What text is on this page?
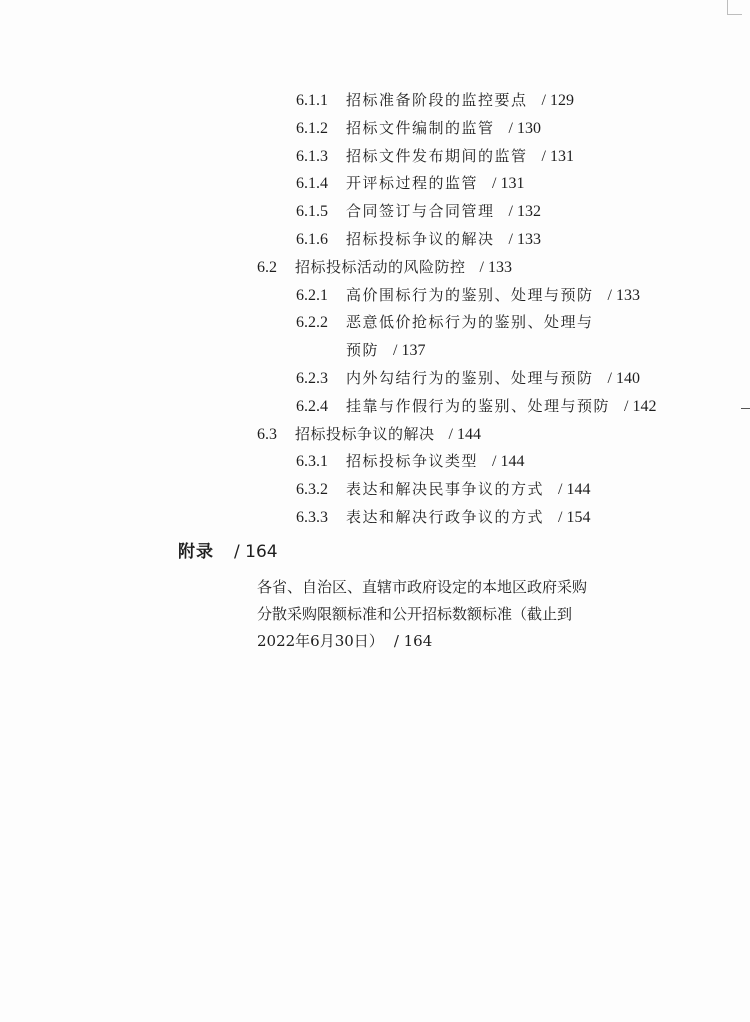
6.1.1 招标准备阶段的监控要点 / 129
6.1.2 招标文件编制的监管 / 130
6.1.3 招标文件发布期间的监管 / 131
6.1.4 开评标过程的监管 / 131
6.1.5 合同签订与合同管理 / 132
6.1.6 招标投标争议的解决 / 133
6.2 招标投标活动的风险防控 / 133
6.2.1 高价围标行为的鉴别、处理与预防 / 133
6.2.2 恶意低价抢标行为的鉴别、处理与
预防 / 137
6.2.3 内外勾结行为的鉴别、处理与预防 / 140
6.2.4 挂靠与作假行为的鉴别、处理与预防 / 142
6.3 招标投标争议的解决 / 144
6.3.1 招标投标争议类型 / 144
6.3.2 表达和解决民事争议的方式 / 144
6.3.3 表达和解决行政争议的方式 / 154
附录 / 164
各省、自治区、直辖市政府设定的本地区政府采购
分散采购限额标准和公开招标数额标准（截止到
2022年6月30日） / 164
